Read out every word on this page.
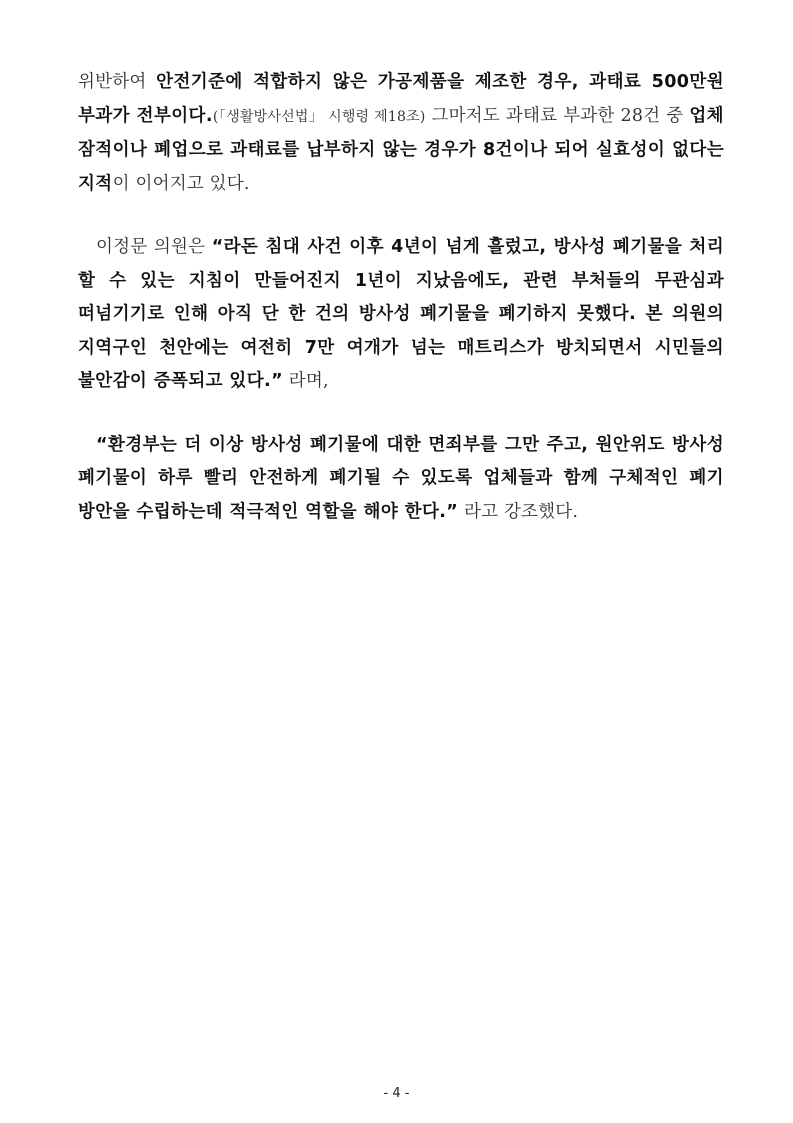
위반하여 안전기준에 적합하지 않은 가공제품을 제조한 경우, 과태료 500만원 부과가 전부이다.(「생활방사선법」 시행령 제18조) 그마저도 과태료 부과한 28건 중 업체 잠적이나 폐업으로 과태료를 납부하지 않는 경우가 8건이나 되어 실효성이 없다는 지적이 이어지고 있다.

이정문 의원은 “라돈 침대 사건 이후 4년이 넘게 흘렀고, 방사성 폐기물을 처리 할 수 있는 지침이 만들어진지 1년이 지났음에도, 관련 부처들의 무관심과 떠넘기기로 인해 아직 단 한 건의 방사성 폐기물을 폐기하지 못했다. 본 의원의 지역구인 천안에는 여전히 7만 여개가 넘는 매트리스가 방치되면서 시민들의 불안감이 증폭되고 있다.” 라며,

“환경부는 더 이상 방사성 폐기물에 대한 면죄부를 그만 주고, 원안위도 방사성 폐기물이 하루 빨리 안전하게 폐기될 수 있도록 업체들과 함께 구체적인 폐기 방안을 수립하는데 적극적인 역할을 해야 한다.” 라고 강조했다.

- 4 -
